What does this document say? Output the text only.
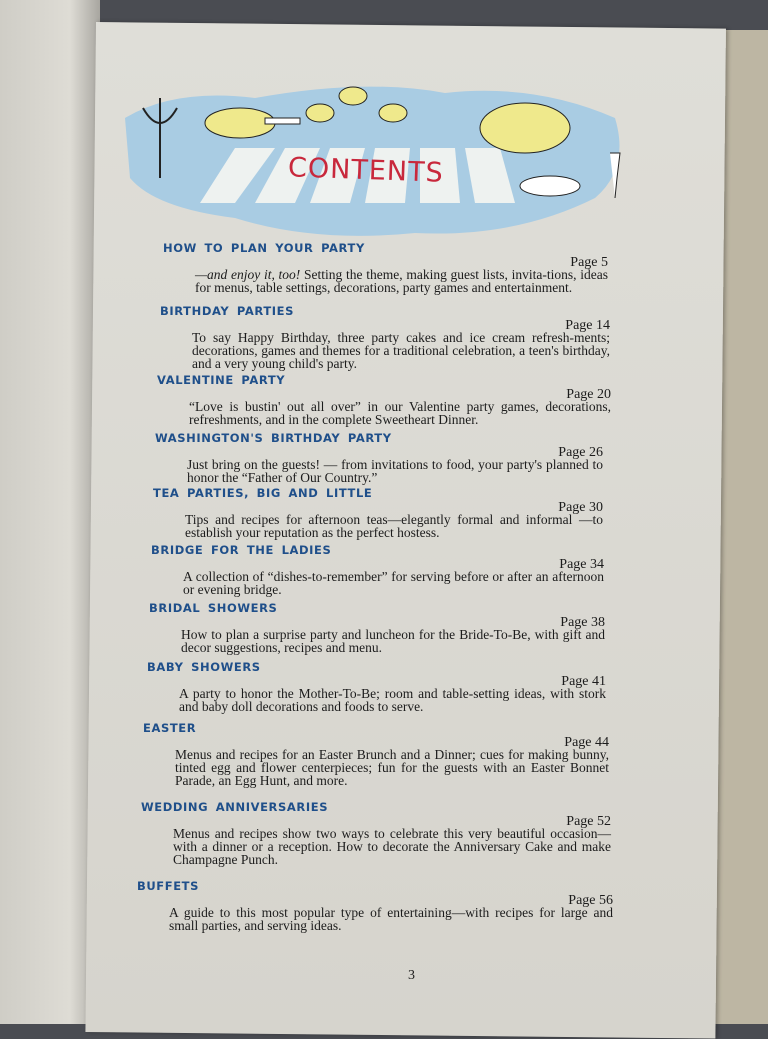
CONTENTS
HOW TO PLAN YOUR PARTY
Page 5

—and enjoy it, too! Setting the theme, making guest lists, invita-tions, ideas for menus, table settings, decorations, party games and entertainment.

BIRTHDAY PARTIES
Page 14

To say Happy Birthday, three party cakes and ice cream refresh-ments; decorations, games and themes for a traditional celebration, a teen's birthday, and a very young child's party.

VALENTINE PARTY
Page 20

“Love is bustin' out all over” in our Valentine party games, decorations, refreshments, and in the complete Sweetheart Dinner.

WASHINGTON'S BIRTHDAY PARTY
Page 26

Just bring on the guests! — from invitations to food, your party's planned to honor the “Father of Our Country.”

TEA PARTIES, BIG AND LITTLE
Page 30

Tips and recipes for afternoon teas—elegantly formal and informal —to establish your reputation as the perfect hostess.

BRIDGE FOR THE LADIES
Page 34

A collection of “dishes-to-remember” for serving before or after an afternoon or evening bridge.

BRIDAL SHOWERS
Page 38

How to plan a surprise party and luncheon for the Bride-To-Be, with gift and decor suggestions, recipes and menu.

BABY SHOWERS
Page 41

A party to honor the Mother-To-Be; room and table-setting ideas, with stork and baby doll decorations and foods to serve.

EASTER
Page 44

Menus and recipes for an Easter Brunch and a Dinner; cues for making bunny, tinted egg and flower centerpieces; fun for the guests with an Easter Bonnet Parade, an Egg Hunt, and more.

WEDDING ANNIVERSARIES
Page 52

Menus and recipes show two ways to celebrate this very beautiful occasion—with a dinner or a reception. How to decorate the Anniversary Cake and make Champagne Punch.

BUFFETS
Page 56

A guide to this most popular type of entertaining—with recipes for large and small parties, and serving ideas.

3
